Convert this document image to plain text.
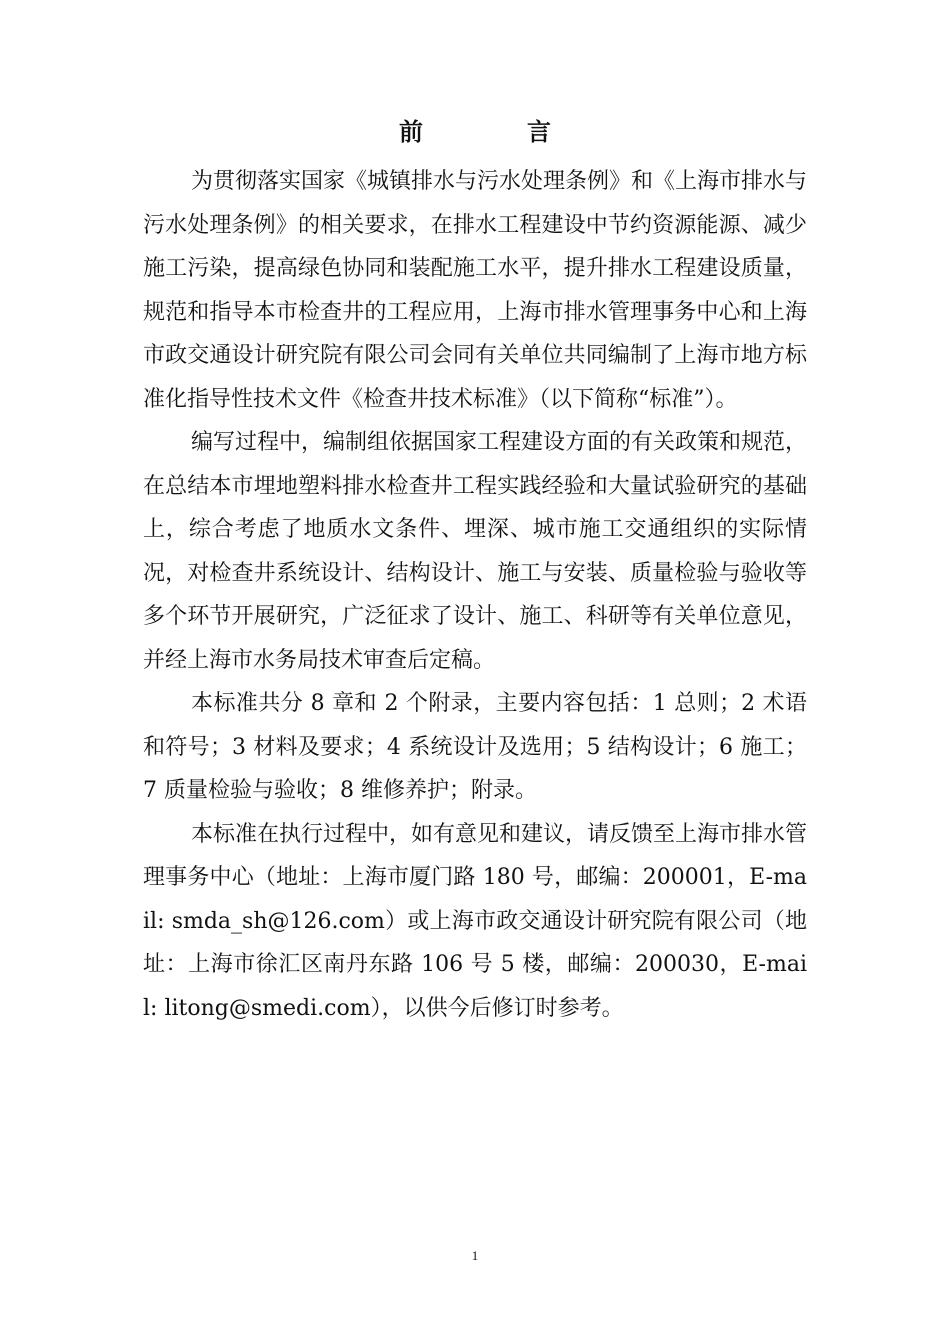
前　言

为贯彻落实国家《城镇排水与污水处理条例》和《上海市排水与污水处理条例》的相关要求，在排水工程建设中节约资源能源、减少施工污染，提高绿色协同和装配施工水平，提升排水工程建设质量，规范和指导本市检查井的工程应用，上海市排水管理事务中心和上海市政交通设计研究院有限公司会同有关单位共同编制了上海市地方标准化指导性技术文件《检查井技术标准》（以下简称“标准”）。

编写过程中，编制组依据国家工程建设方面的有关政策和规范，在总结本市埋地塑料排水检查井工程实践经验和大量试验研究的基础上，综合考虑了地质水文条件、埋深、城市施工交通组织的实际情况，对检查井系统设计、结构设计、施工与安装、质量检验与验收等多个环节开展研究，广泛征求了设计、施工、科研等有关单位意见，并经上海市水务局技术审查后定稿。

本标准共分 8 章和 2 个附录，主要内容包括：1 总则；2 术语和符号；3 材料及要求；4 系统设计及选用；5 结构设计；6 施工；7 质量检验与验收；8 维修养护；附录。

本标准在执行过程中，如有意见和建议，请反馈至上海市排水管理事务中心（地址：上海市厦门路 180 号，邮编：200001，E-mail: smda_sh@126.com）或上海市政交通设计研究院有限公司（地址：上海市徐汇区南丹东路 106 号 5 楼，邮编：200030，E-mail: litong@smedi.com），以供今后修订时参考。

1
